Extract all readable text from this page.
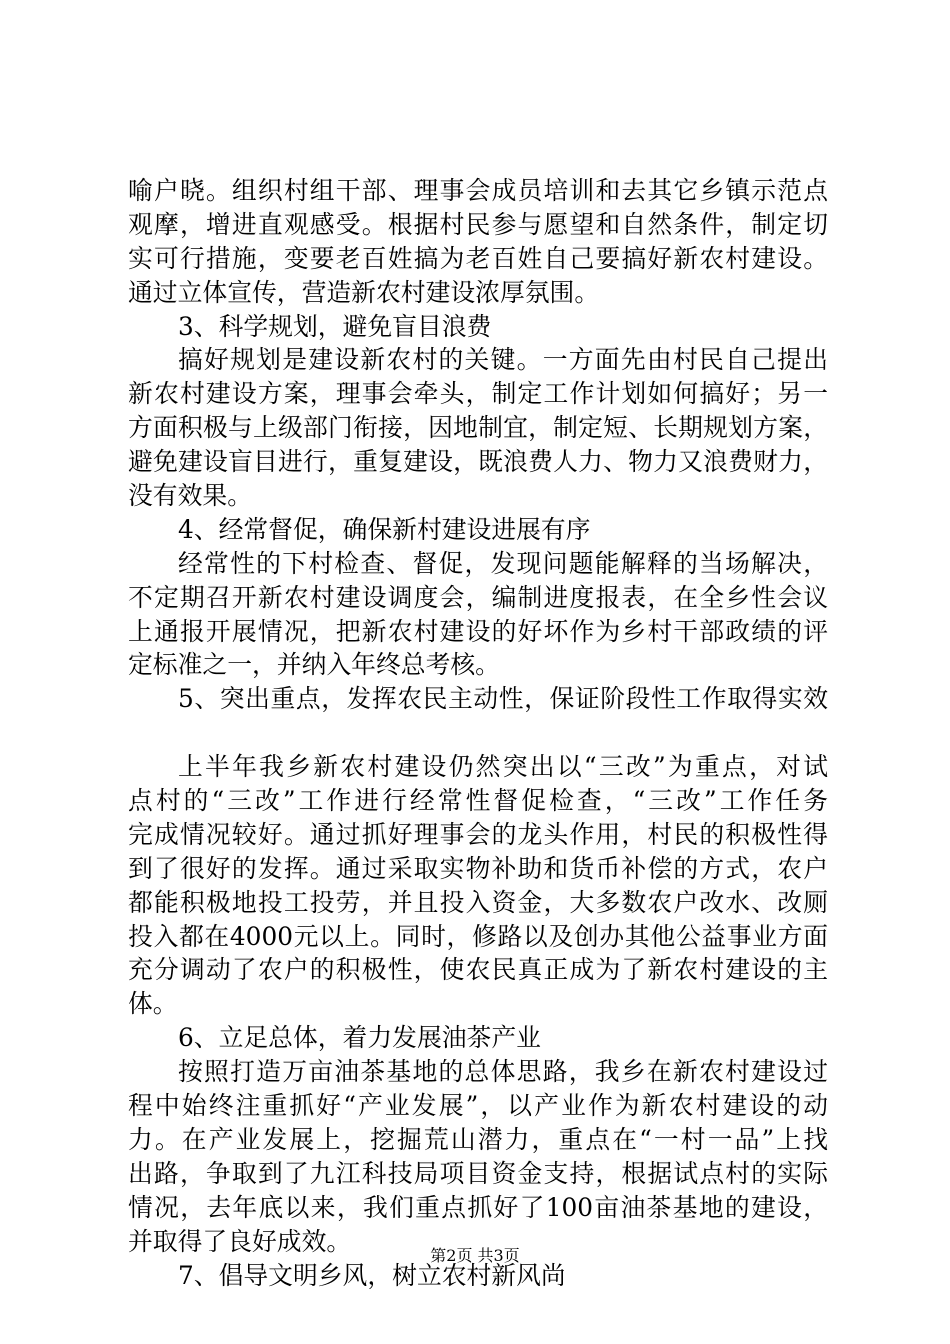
喻户晓。组织村组干部、理事会成员培训和去其它乡镇示范点
观摩，增进直观感受。根据村民参与愿望和自然条件，制定切
实可行措施，变要老百姓搞为老百姓自己要搞好新农村建设。
通过立体宣传，营造新农村建设浓厚氛围。
3、科学规划，避免盲目浪费
搞好规划是建设新农村的关键。一方面先由村民自己提出
新农村建设方案，理事会牵头，制定工作计划如何搞好；另一
方面积极与上级部门衔接，因地制宜，制定短、长期规划方案，
避免建设盲目进行，重复建设，既浪费人力、物力又浪费财力，
没有效果。
4、经常督促，确保新村建设进展有序
经常性的下村检查、督促，发现问题能解释的当场解决，
不定期召开新农村建设调度会，编制进度报表，在全乡性会议
上通报开展情况，把新农村建设的好坏作为乡村干部政绩的评
定标准之一，并纳入年终总考核。
5、突出重点，发挥农民主动性，保证阶段性工作取得实效
上半年我乡新农村建设仍然突出以“三改”为重点，对试
点村的“三改”工作进行经常性督促检查，“三改”工作任务
完成情况较好。通过抓好理事会的龙头作用，村民的积极性得
到了很好的发挥。通过采取实物补助和货币补偿的方式，农户
都能积极地投工投劳，并且投入资金，大多数农户改水、改厕
投入都在4000元以上。同时，修路以及创办其他公益事业方面
充分调动了农户的积极性，使农民真正成为了新农村建设的主
体。
6、立足总体，着力发展油茶产业
按照打造万亩油茶基地的总体思路，我乡在新农村建设过
程中始终注重抓好“产业发展”，以产业作为新农村建设的动
力。在产业发展上，挖掘荒山潜力，重点在“一村一品”上找
出路，争取到了九江科技局项目资金支持，根据试点村的实际
情况，去年底以来，我们重点抓好了100亩油茶基地的建设，
并取得了良好成效。
7、倡导文明乡风，树立农村新风尚
第2页 共3页
